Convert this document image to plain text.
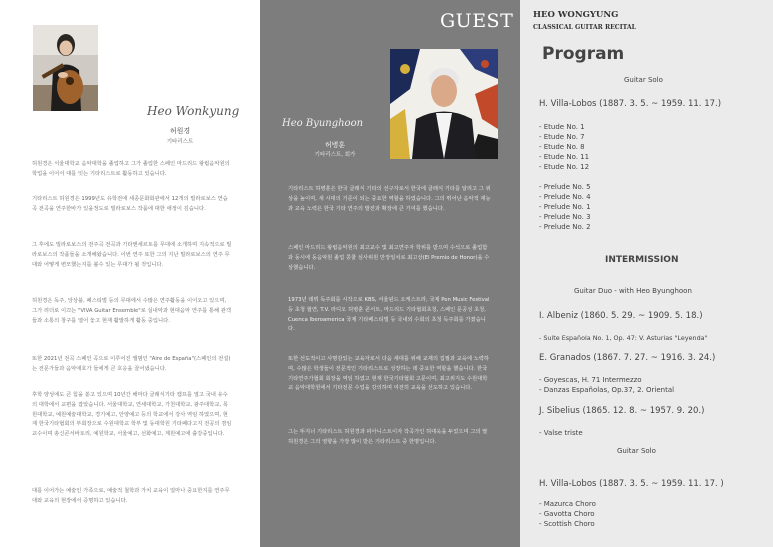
Heo Wonkyung
허원경
기타리스트

허원경은 서울대학교 음악대학을 졸업하고 그가 졸업한 스페인 마드리드 왕립음악원의 학업을 이어서 대를 잇는 기타리스트로 활동하고 있습니다.

기타리스트 허원경은 1999년도 유학전에 세종문화회관에서 12개의 빌라로보스 연습곡 전곡을 연주한바가 있을정도로 빌라로보스 작품에 대한 애정이 깊습니다.

그 후에도 빌라로보스의 전주곡 전곡과 기타앤세르토를 무대에 소개하며 지속적으로 빌라로보스의 작품들을 소개해왔습니다. 이번 연주 또한 그의 지난 빌라로보스의 연주 무대와 어떻게 변모했는지를 볼수 있는 무대가 될 것입니다.

허원경은 독주, 앙상블, 페스티벌 등의 무대에서 수많은 연주활동을 이어오고 있으며, 그가 리더로 이끄는 "VIVA Guitar Ensemble"로 실내악과 현대음악 연주를 통해 관객들과 소통의 창구를 열어 놓고 현재 활발하게 활동 중입니다.

또한 2021년 전곡 스페인 곡으로 이루어진 앨범인 "Aire de España"(스페인의 전설)는 전문가들과 음악애호가 들에게 큰 호응을 끌어냈습니다.

후학 양성에도 큰 힘을 쏟고 있으며 10년간 해마다 클래식기타 캠프를 열고 국내 유수의 대학에서 교편을 잡았습니다. 서울대학교, 연세대학교, 가천대학교, 광주대학교, 목원대학교, 예원예술대학교, 경기예고, 안양예고 등의 학교에서 강사 역임 하였으며, 현재 한국기타협회의 부회장으로 수원대학교 학부 및 동대학원 기타페다고지 전공의 겸임교수이며 총신콘서바토리, 예원학교, 서울예고, 선화예고, 계원예고에 출강중입니다.

대를 이어가는 예술인 가족으로, 예술적 철학과 가치 교육이 얼마나 중요한지를 연주무대와 교육의 현장에서 증명하고 있습니다.

GUEST
Heo Byunghoon
허병훈
기타리스트, 회가

기타리스트 허병훈은 한국 클래식 기타의 선구자로서 한국에 클래식 기타를 알리고 그 위상을 높이며, 새 시대의 기준이 되는 중요한 역할을 하였습니다. 그의 뛰어난 음악적 재능과 교육 노력은 한국 기타 연주의 발전과 확장에 큰 기여를 했습니다.

스페인 마드리드 왕립음악원의 최고교수 및 최고연주자 학위를 받으며 수석으로 졸업함과 동시에 동음악원 졸업 콩쿨 심사위원 만장일치로 최고상(El Premio de Honor)을 수상했습니다.

1973년 데뷔 독주회를 시작으로 KBS, 서울윈드 오케스트라, 국제 Pen Music Festival 등 초청 협연, T.V. 라디오 허병훈 콘서트, 마드리드 기타협회초청, 스페인 문공성 초청, Cuenca Iberoamerica 국제 기타페스티벌 등 국내외 수회의 초청 독주회를 가졌습니다.

또한 선도적이고 사명감있는 교육자로서 다음 세대를 위해 교재의 집필과 교육에 노력하며, 수많은 학생들이 전문적인 기타리스트로 성장하는 데 중요한 역할을 했습니다. 한국기타연주가협회 회장을 역임 하였고 현재 한국기타협회 고문이며, 최고위지도 수원대학교 음악대학원에서 기타전문 수업을 강의하며 여전히 교육을 선도하고 있습니다.

그는 뚜지너 기타리스트 허원경과 피아니스트이자 작곡가인 허대욱을 두었으며 그의 딸 허원경은 그의 영향을 가장 많이 받은 기타리스트 중 한명입니다.

HEO WONGYUNG
CLASSICAL GUITAR RECITAL
Program
Guitar Solo
H. Villa-Lobos (1887. 3. 5. ~ 1959. 11. 17.)
- Etude No. 1
- Etude No. 7
- Etude No. 8
- Etude No. 11
- Etude No. 12
- Prelude No. 5
- Prelude No. 4
- Prelude No. 1
- Prelude No. 3
- Prelude No. 2
INTERMISSION
Guitar Duo - with Heo Byunghoon
I. Albeniz (1860. 5. 29. ~ 1909. 5. 18.)
- Suite Española No. 1, Op. 47: V. Asturias "Leyenda"
E. Granados (1867. 7. 27. ~ 1916. 3. 24.)
- Goyescas, H. 71 Intermezzo
- Danzas Españolas, Op.37, 2. Oriental
J. Sibelius (1865. 12. 8. ~ 1957. 9. 20.)
- Valse triste
Guitar Solo
H. Villa-Lobos (1887. 3. 5. ~ 1959. 11. 17. )
- Mazurca Choro
- Gavotta Choro
- Scottish Choro
